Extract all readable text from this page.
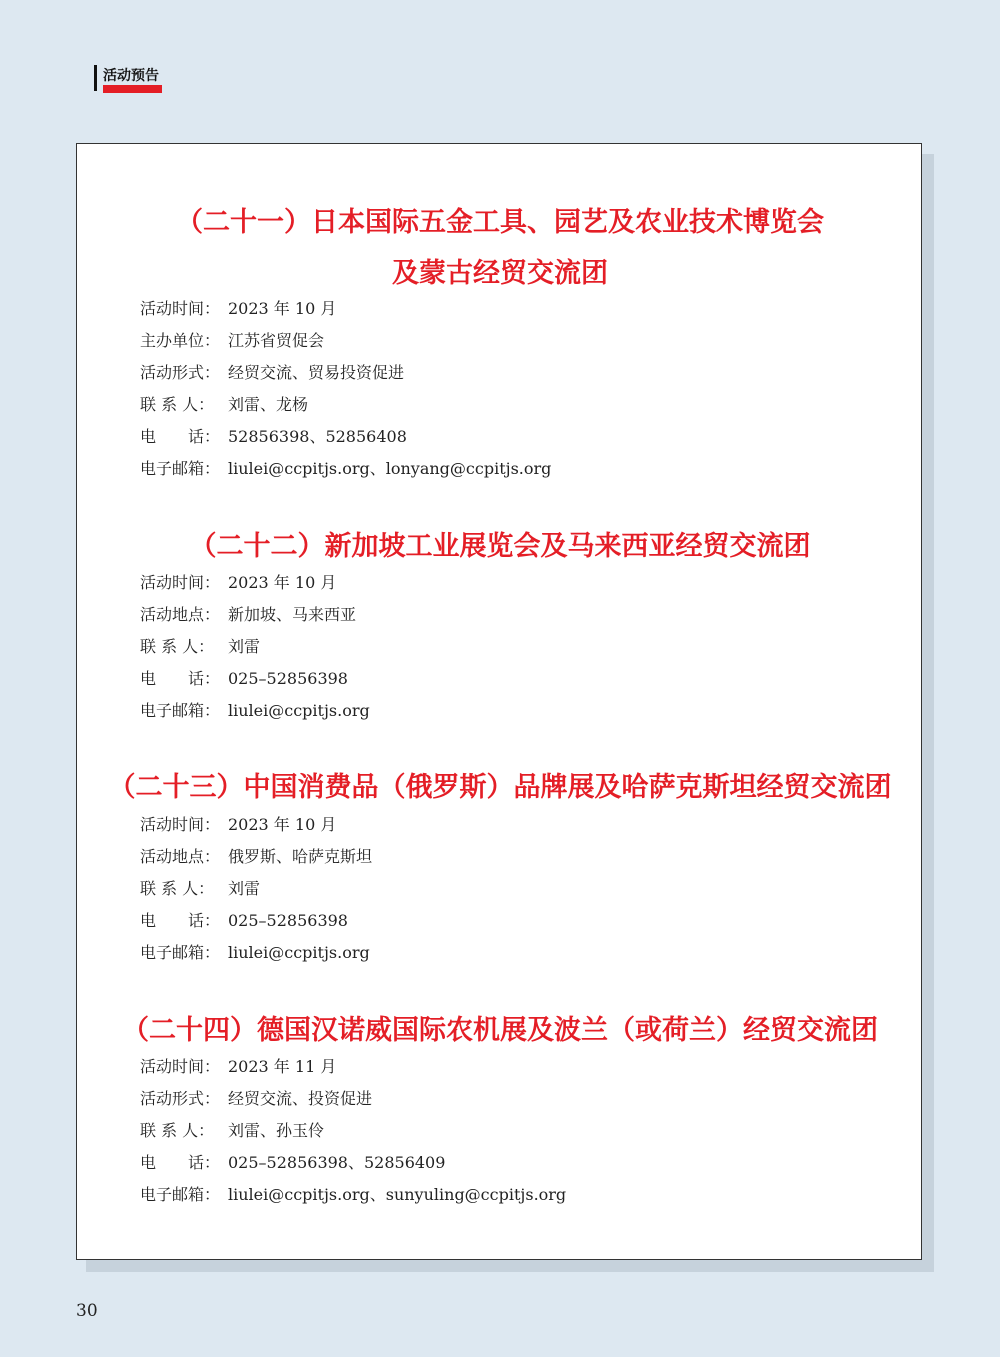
活动预告
（二十一）日本国际五金工具、园艺及农业技术博览会
及蒙古经贸交流团
活动时间： 2023 年 10 月
主办单位： 江苏省贸促会
活动形式： 经贸交流、贸易投资促进
联 系 人： 刘雷、龙杨
电　　话： 52856398、52856408
电子邮箱： liulei@ccpitjs.org、lonyang@ccpitjs.org
（二十二）新加坡工业展览会及马来西亚经贸交流团
活动时间： 2023 年 10 月
活动地点： 新加坡、马来西亚
联 系 人： 刘雷
电　　话： 025–52856398
电子邮箱： liulei@ccpitjs.org
（二十三）中国消费品（俄罗斯）品牌展及哈萨克斯坦经贸交流团
活动时间： 2023 年 10 月
活动地点： 俄罗斯、哈萨克斯坦
联 系 人： 刘雷
电　　话： 025–52856398
电子邮箱： liulei@ccpitjs.org
（二十四）德国汉诺威国际农机展及波兰（或荷兰）经贸交流团
活动时间： 2023 年 11 月
活动形式： 经贸交流、投资促进
联 系 人： 刘雷、孙玉伶
电　　话： 025–52856398、52856409
电子邮箱： liulei@ccpitjs.org、sunyuling@ccpitjs.org
30
